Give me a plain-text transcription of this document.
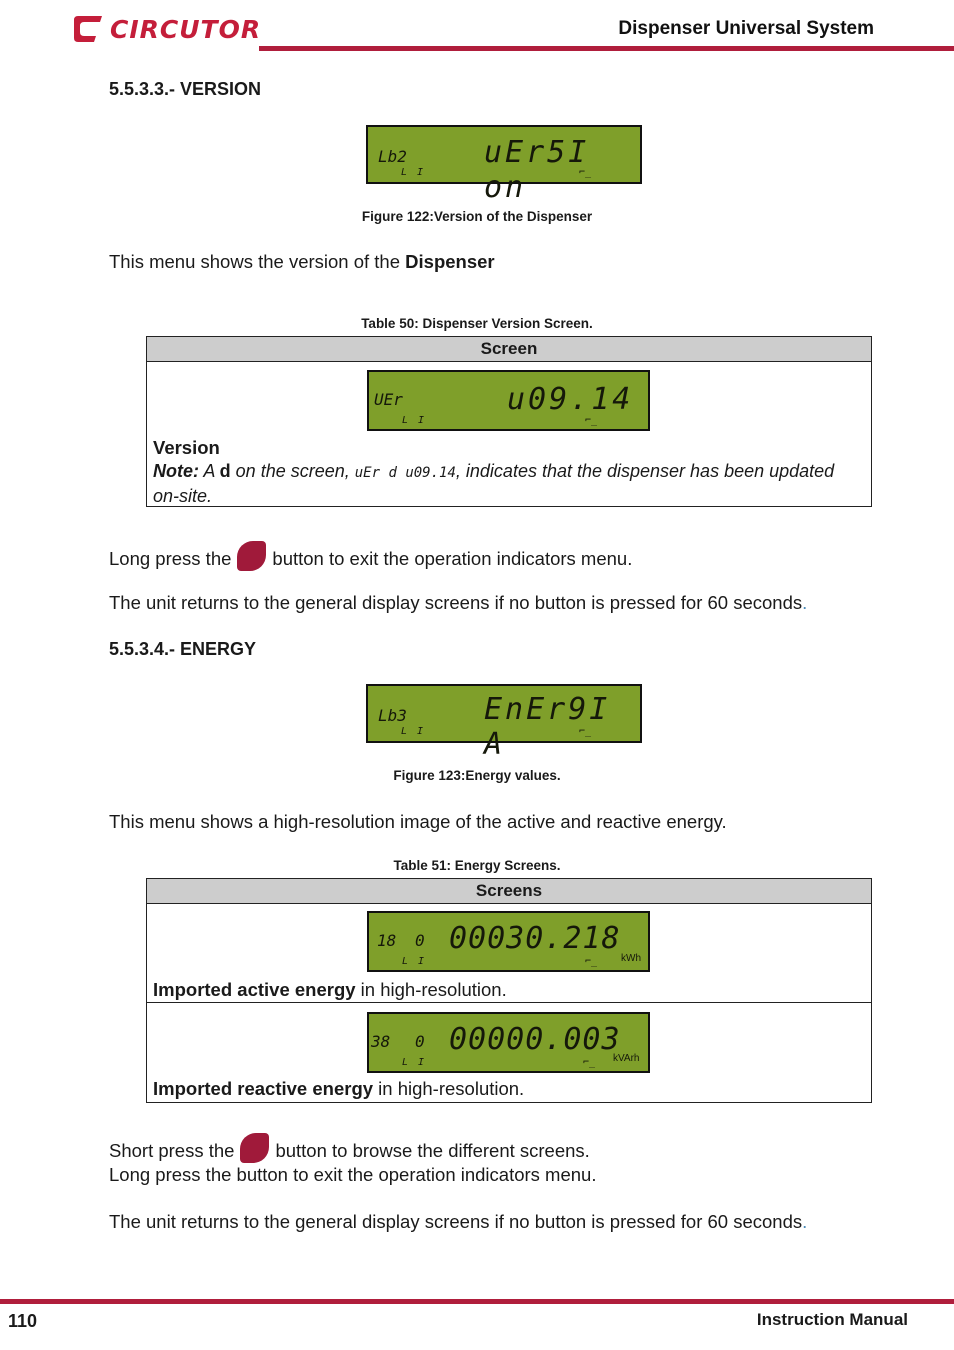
CIRCUTOR	Dispenser Universal System
5.5.3.3.- VERSION
Lb2	uEr5I on
L I	⌐_
Figure 122:Version of the Dispenser
This menu shows the version of the Dispenser
Table 50: Dispenser Version Screen.
Screen

UEr	u09.14
L I	⌐_
Version
Note: A d on the screen, uEr d u09.14, indicates that the dispenser has been updated
on-site.
Long press the button to exit the operation indicators menu.
The unit returns to the general display screens if no button is pressed for 60 seconds.
5.5.3.4.- ENERGY
Lb3	EnEr9I A
L I	⌐_
Figure 123:Energy values.
This menu shows a high-resolution image of the active and reactive energy.
Table 51: Energy Screens.
Screens

18 0 00030.218
L I	⌐_ kWh
Imported active energy in high-resolution.

38 0 00000.003
L I	⌐_ kVArh
Imported reactive energy in high-resolution.
Short press the button to browse the different screens.
Long press the button to exit the operation indicators menu.
The unit returns to the general display screens if no button is pressed for 60 seconds.
110	Instruction Manual
